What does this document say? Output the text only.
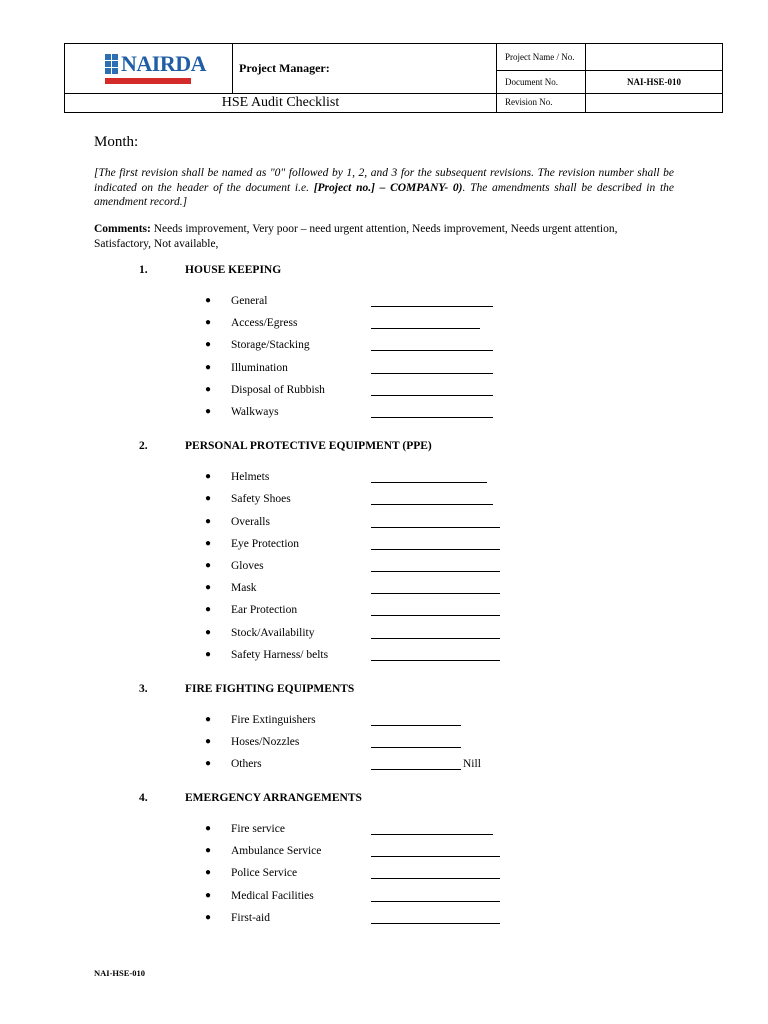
NAIRDA	Project Manager:	Project Name / No.	
		Document No.	NAI-HSE-010
HSE Audit Checklist		Revision No.	
Month:
[The first revision shall be named as "0" followed by 1, 2, and 3 for the subsequent revisions. The revision number shall be indicated on the header of the document i.e. [Project no.] – COMPANY- 0). The amendments shall be described in the amendment record.]
Comments: Needs improvement, Very poor – need urgent attention, Needs improvement, Needs urgent attention, Satisfactory, Not available,
1.	HOUSE KEEPING
● General
● Access/Egress
● Storage/Stacking
● Illumination
● Disposal of Rubbish
● Walkways
2.	PERSONAL PROTECTIVE EQUIPMENT (PPE)
● Helmets
● Safety Shoes
● Overalls
● Eye Protection
● Gloves
● Mask
● Ear Protection
● Stock/Availability
● Safety Harness/ belts
3.	FIRE FIGHTING EQUIPMENTS
● Fire Extinguishers
● Hoses/Nozzles
● Others	Nill
4.	EMERGENCY ARRANGEMENTS
● Fire service
● Ambulance Service
● Police Service
● Medical Facilities
● First-aid
NAI-HSE-010
